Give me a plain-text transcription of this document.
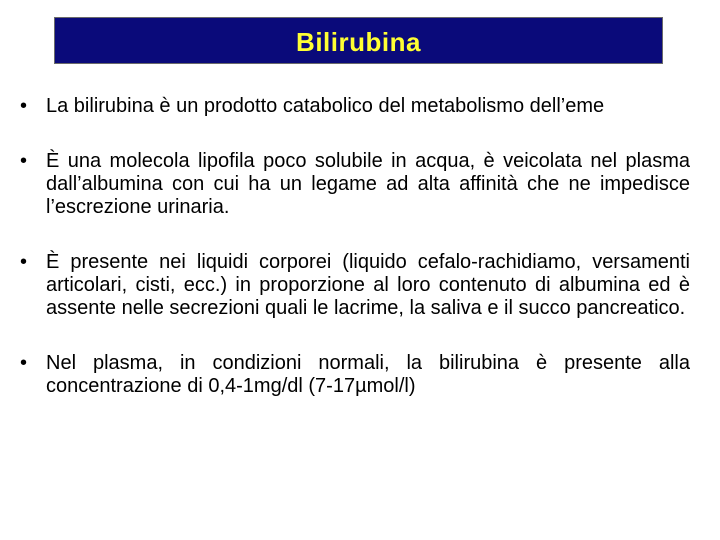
Bilirubina
• La bilirubina è un prodotto catabolico del metabolismo dell’eme
• È una molecola lipofila poco solubile in acqua, è veicolata nel plasma dall’albumina con cui ha un legame ad alta affinità che ne impedisce l’escrezione urinaria.
• È presente nei liquidi corporei (liquido cefalo-rachidiamo, versamenti articolari, cisti, ecc.) in proporzione al loro contenuto di albumina ed è assente nelle secrezioni quali le lacrime, la saliva e il succo pancreatico.
• Nel plasma, in condizioni normali, la bilirubina è presente alla concentrazione di 0,4-1mg/dl (7-17µmol/l)
